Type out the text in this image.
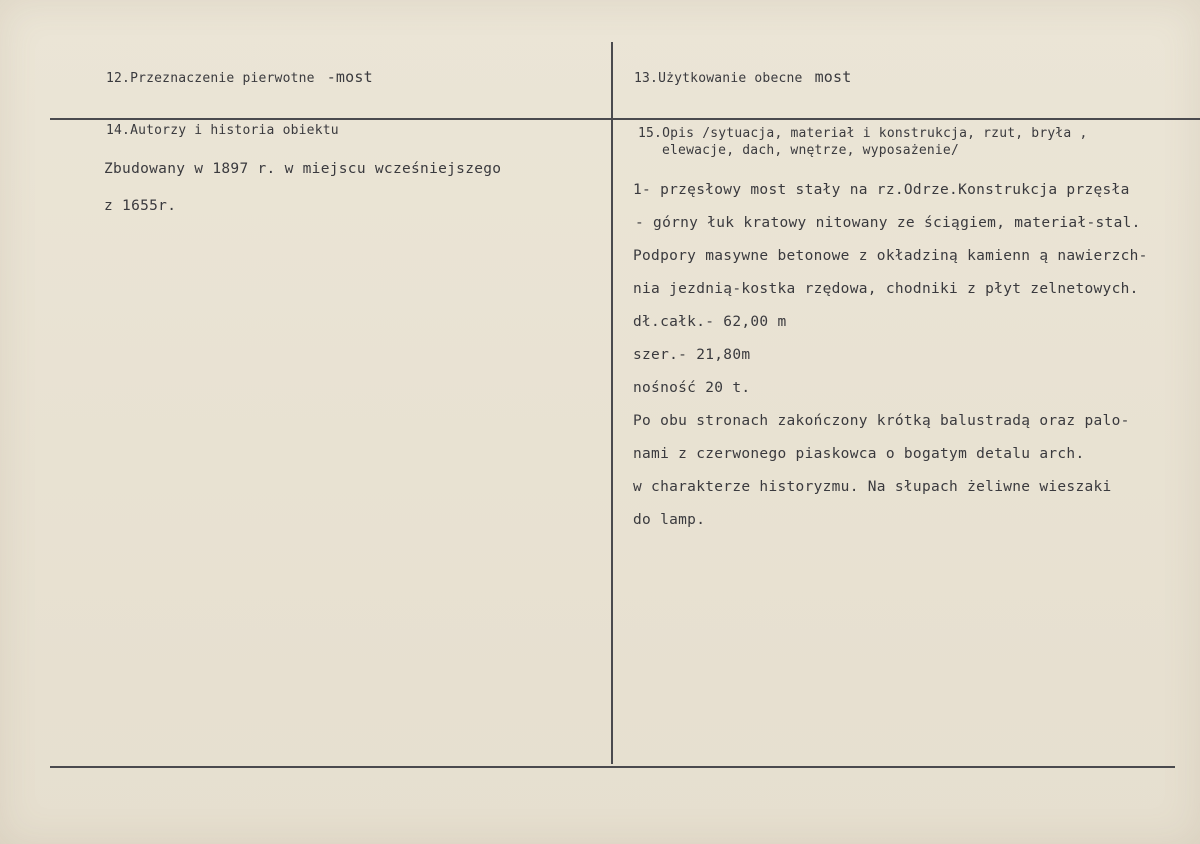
12.Przeznaczenie pierwotne -most	13.Użytkowanie obecne most
14.Autorzy i historia obiektu
Zbudowany w 1897 r. w miejscu wcześniejszego
z 1655r.
15.Opis /sytuacja, materiał i konstrukcja, rzut, bryła ,
elewacje, dach, wnętrze, wyposażenie/
1- przęsłowy most stały na rz.Odrze.Konstrukcja przęsła
- górny łuk kratowy nitowany ze ściągiem, materiał-stal.
Podpory masywne betonowe z okładziną kamienn ą nawierzch-
nia jezdnią-kostka rzędowa, chodniki z płyt zelnetowych.
dł.całk.- 62,00 m
szer.- 21,80m
nośność 20 t.
Po obu stronach zakończony krótką balustradą oraz palo-
nami z czerwonego piaskowca o bogatym detalu arch.
w charakterze historyzmu. Na słupach żeliwne wieszaki
do lamp.
